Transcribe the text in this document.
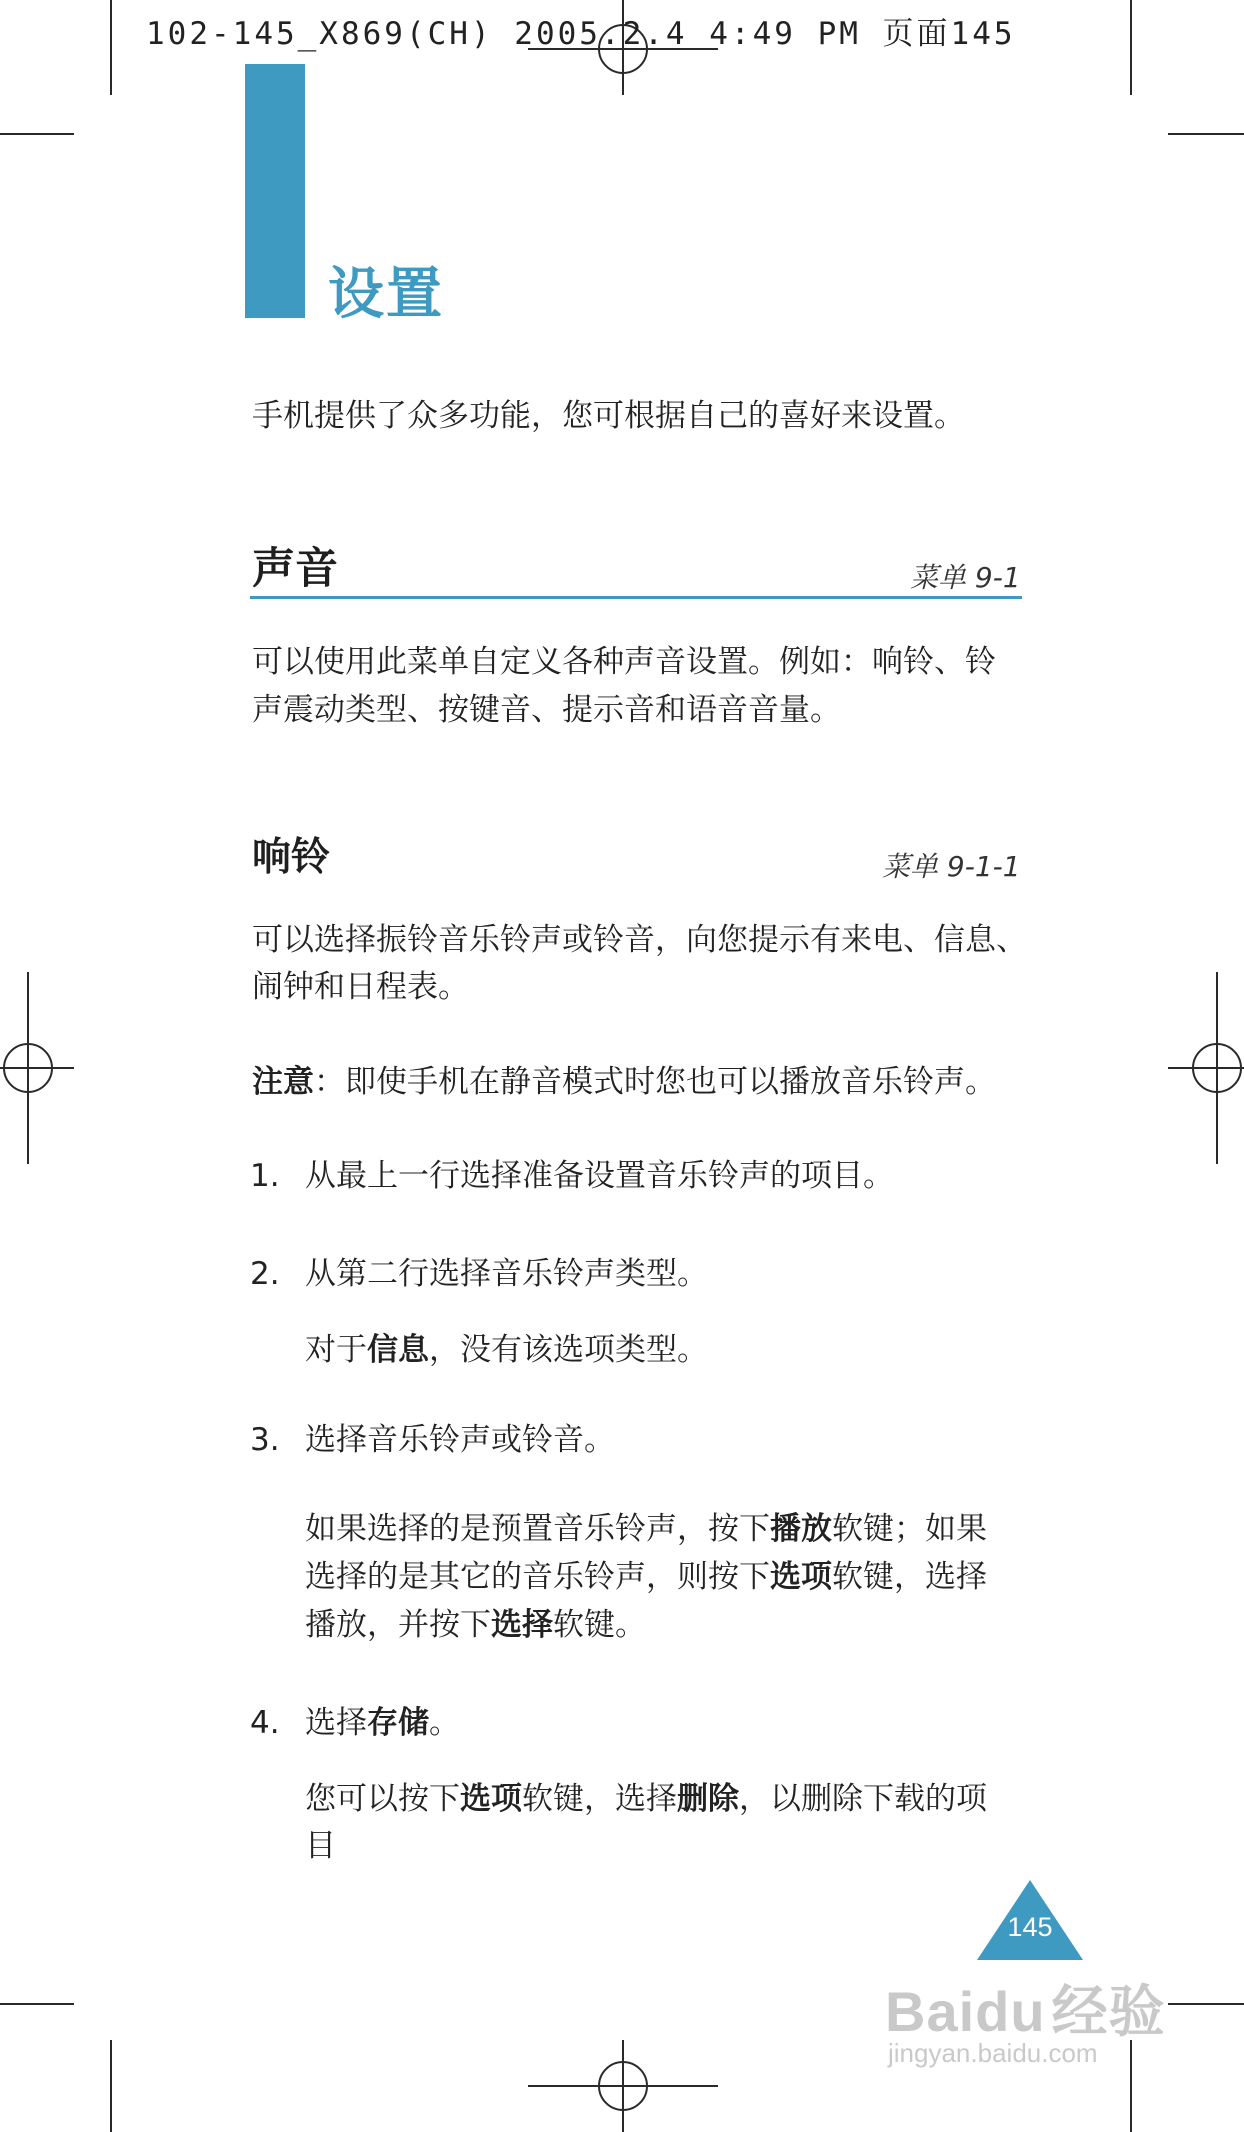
102-145_X869(CH) 2005.2.4 4:49 PM 页面145
设置
手机提供了众多功能，您可根据自己的喜好来设置。
声音	菜单 9-1
可以使用此菜单自定义各种声音设置。例如：响铃、铃
声震动类型、按键音、提示音和语音音量。
响铃	菜单 9-1-1
可以选择振铃音乐铃声或铃音，向您提示有来电、信息、
闹钟和日程表。
注意：即使手机在静音模式时您也可以播放音乐铃声。
1. 从最上一行选择准备设置音乐铃声的项目。
2. 从第二行选择音乐铃声类型。
对于信息，没有该选项类型。
3. 选择音乐铃声或铃音。
如果选择的是预置音乐铃声，按下播放软键；如果
选择的是其它的音乐铃声，则按下选项软键，选择
播放，并按下选择软键。
4. 选择存储。
您可以按下选项软键，选择删除，以删除下载的项
目
145
Baidu 经验
jingyan.baidu.com
